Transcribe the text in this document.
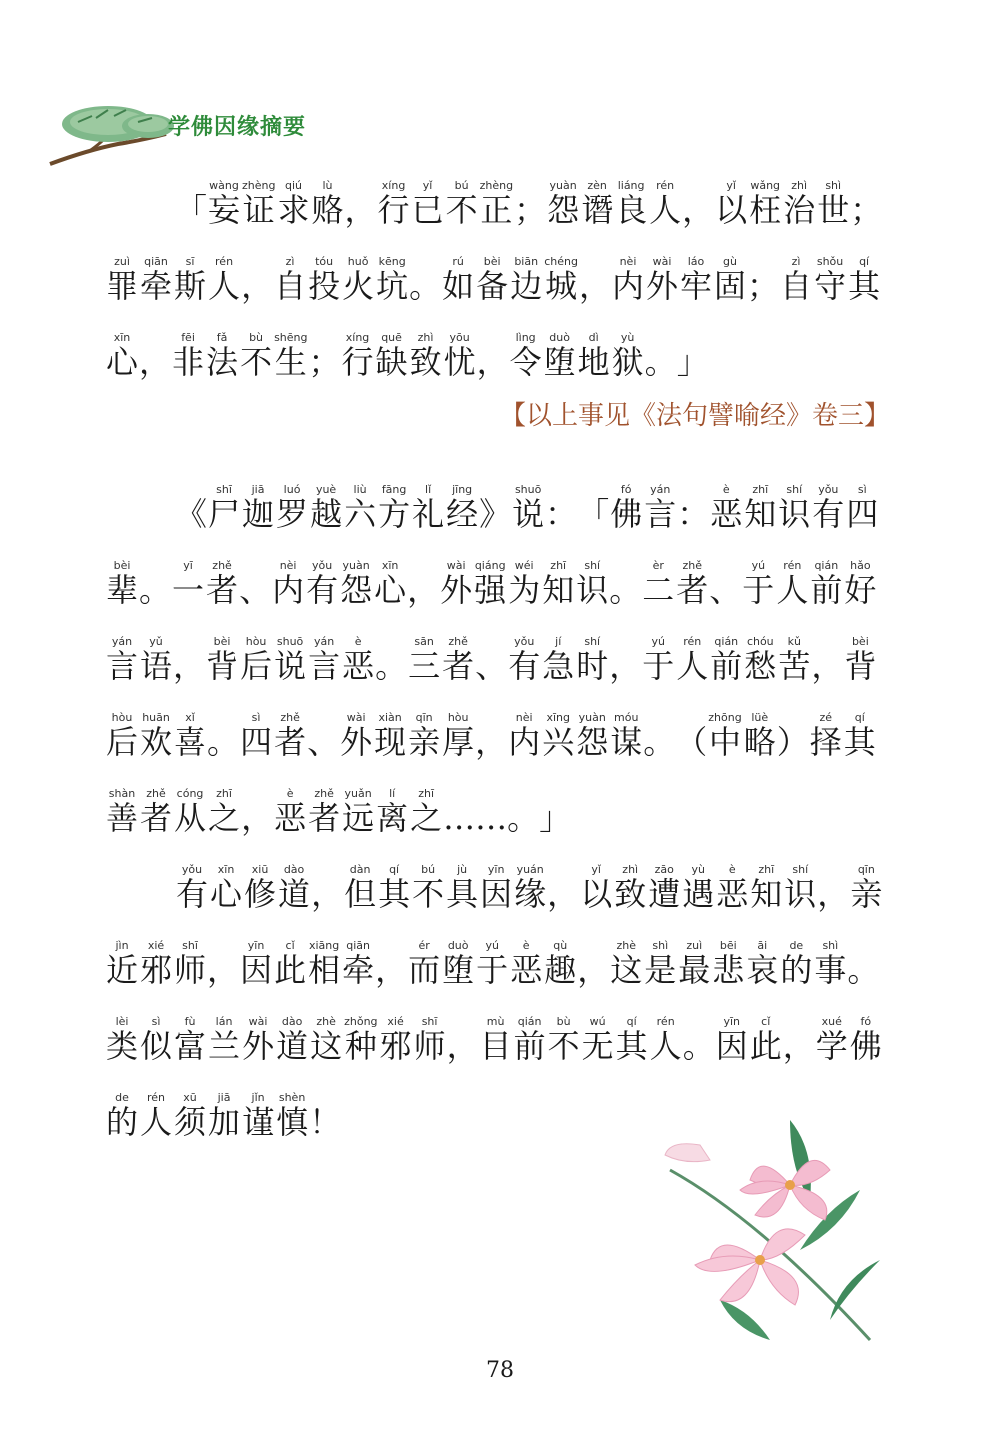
学佛因缘摘要
「 妄wàng
证zhèng
求qiú
赂lù
， 行xíng
已yǐ
不bú
正zhèng
； 怨yuàn
谮zèn
良liáng
人rén
， 以yǐ
枉wǎng
治zhì
世shì
；
罪zuì
牵qiān
斯sī
人rén
， 自zì
投tóu
火huǒ
坑kēng
。 如rú
备bèi
边biān
城chéng
， 内nèi
外wài
牢láo
固gù
； 自zì
守shǒu
其qí
心xīn
， 非fēi
法fǎ
不bù
生shēng
； 行xíng
缺quē
致zhì
忧yōu
， 令lìng
堕duò
地dì
狱yù
。 」
【以上事见《法句譬喻经》卷三】
《 尸shī
迦jiā
罗luó
越yuè
六liù
方fāng
礼lǐ
经jīng
》 说shuō
： 「 佛fó
言yán
： 恶è
知zhī
识shí
有yǒu
四sì
辈bèi
。 一yī
者zhě
、 内nèi
有yǒu
怨yuàn
心xīn
， 外wài
强qiáng
为wéi
知zhī
识shí
。 二èr
者zhě
、 于yú
人rén
前qián
好hǎo
言yán
语yǔ
， 背bèi
后hòu
说shuō
言yán
恶è
。 三sān
者zhě
、 有yǒu
急jí
时shí
， 于yú
人rén
前qián
愁chóu
苦kǔ
， 背bèi
后hòu
欢huān
喜xǐ
。 四sì
者zhě
、 外wài
现xiàn
亲qīn
厚hòu
， 内nèi
兴xīng
怨yuàn
谋móu
。 （ 中zhōng
略lüè
） 择zé
其qí
善shàn
者zhě
从cóng
之zhī
， 恶è
者zhě
远yuǎn
离lí
之zhī
…… 。 」
有yǒu
心xīn
修xiū
道dào
， 但dàn
其qí
不bú
具jù
因yīn
缘yuán
， 以yǐ
致zhì
遭zāo
遇yù
恶è
知zhī
识shí
， 亲qīn
近jìn
邪xié
师shī
， 因yīn
此cǐ
相xiāng
牵qiān
， 而ér
堕duò
于yú
恶è
趣qù
， 这zhè
是shì
最zuì
悲bēi
哀āi
的de
事shì
。
类lèi
似sì
富fù
兰lán
外wài
道dào
这zhè
种zhǒng
邪xié
师shī
， 目mù
前qián
不bù
无wú
其qí
人rén
。 因yīn
此cǐ
， 学xué
佛fó
的de
人rén
须xū
加jiā
谨jǐn
慎shèn
！
78
